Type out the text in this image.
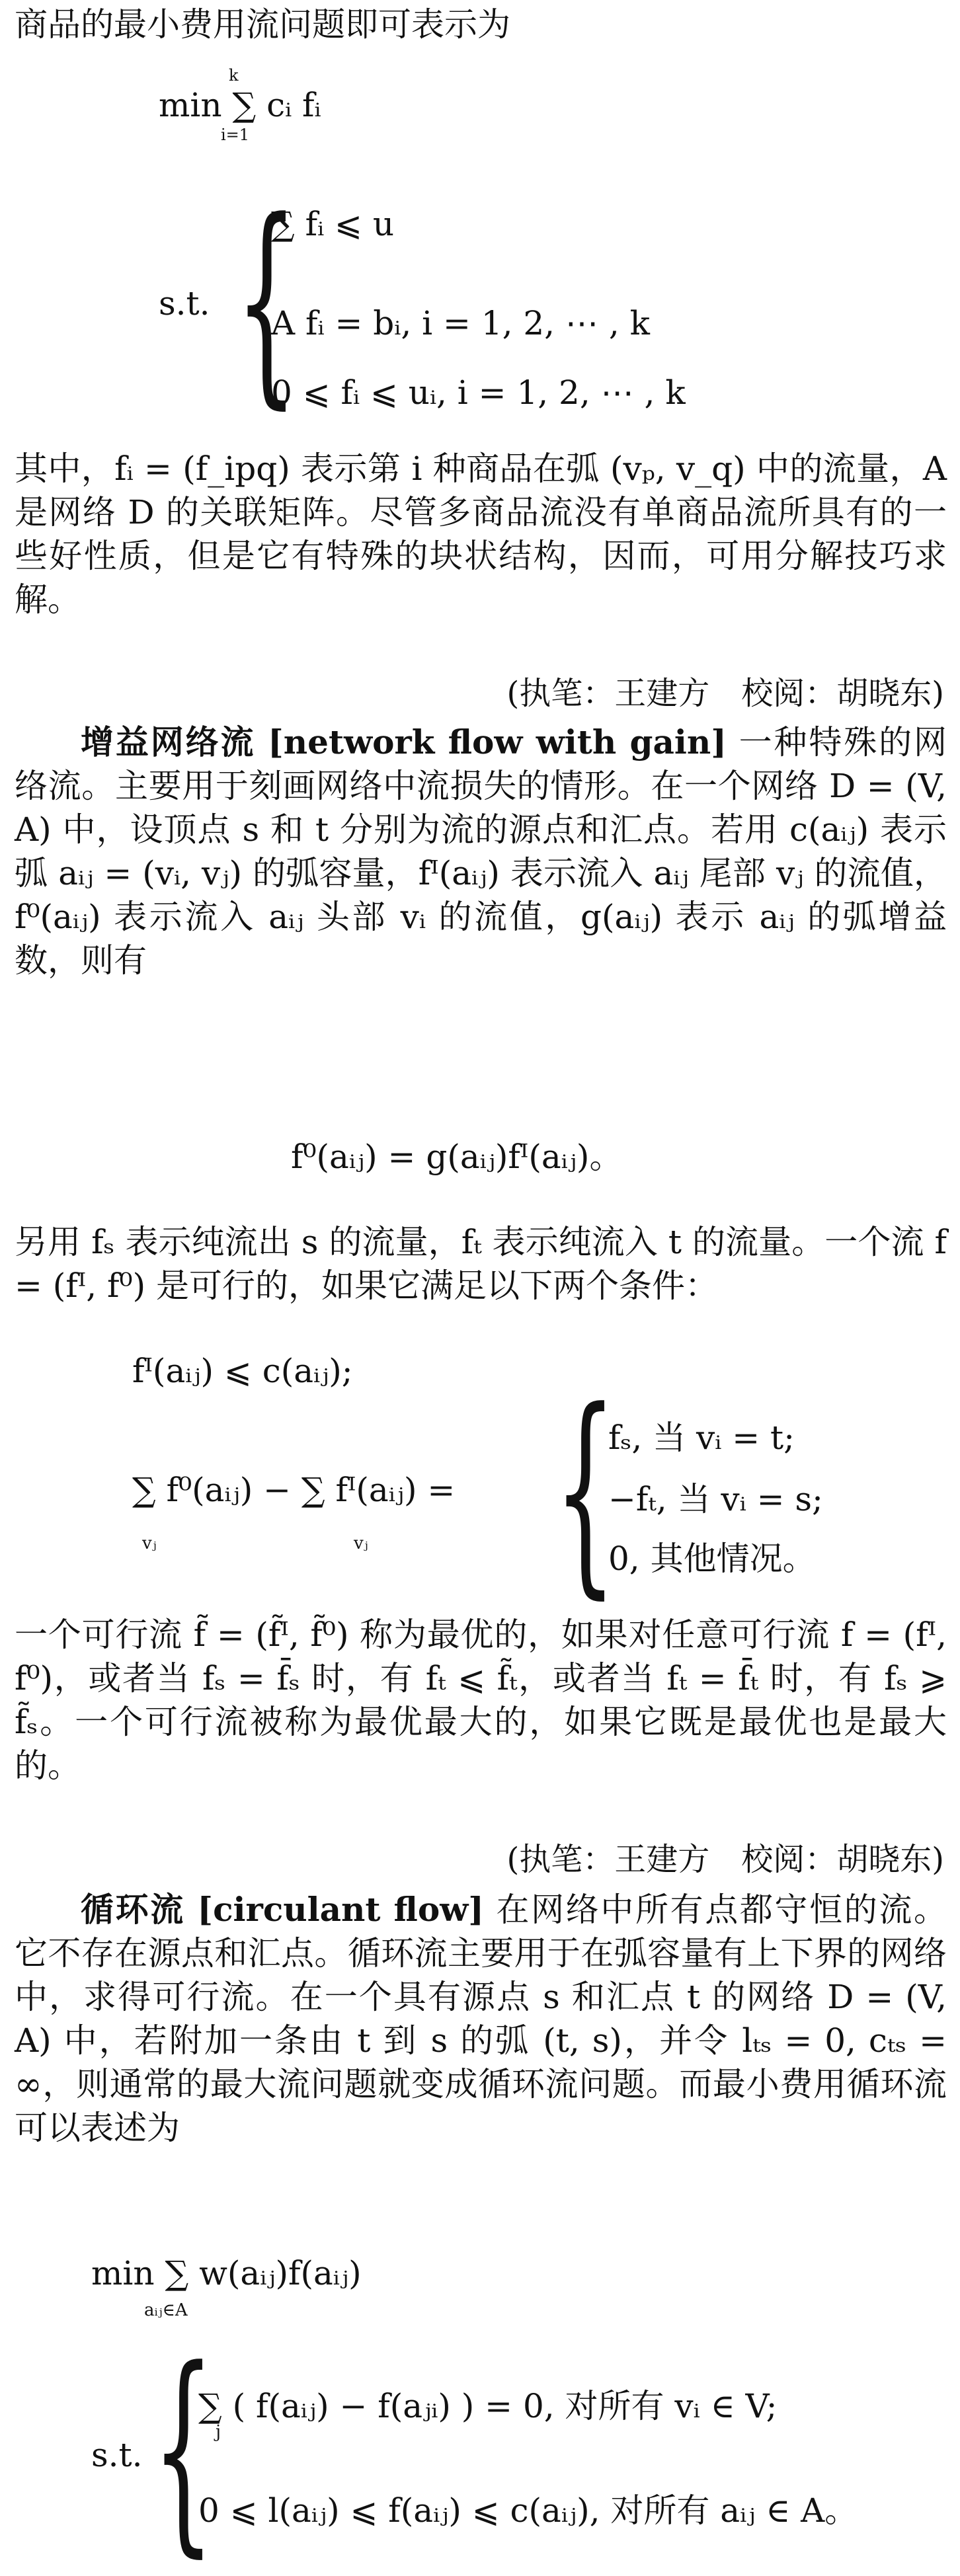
商品的最小费用流问题即可表示为
k
i=1
min ∑ cᵢ fᵢ
s.t. {
∑ fᵢ ⩽ u
A fᵢ = bᵢ, i = 1, 2, ⋯ , k
0 ⩽ fᵢ ⩽ uᵢ, i = 1, 2, ⋯ , k
其中，fᵢ = (f_ipq) 表示第 i 种商品在弧 (vₚ, v_q) 中的流量，A 是网络 D 的关联矩阵。尽管多商品流没有单商品流所具有的一些好性质，但是它有特殊的块状结构，因而，可用分解技巧求解。
(执笔：王建方　校阅：胡晓东)
增益网络流 [network flow with gain] 一种特殊的网络流。主要用于刻画网络中流损失的情形。在一个网络 D = (V, A) 中，设顶点 s 和 t 分别为流的源点和汇点。若用 c(aᵢⱼ) 表示弧 aᵢⱼ = (vᵢ, vⱼ) 的弧容量，fᴵ(aᵢⱼ) 表示流入 aᵢⱼ 尾部 vⱼ 的流值，f⁰(aᵢⱼ) 表示流入 aᵢⱼ 头部 vᵢ 的流值，g(aᵢⱼ) 表示 aᵢⱼ 的弧增益数，则有
f⁰(aᵢⱼ) = g(aᵢⱼ)fᴵ(aᵢⱼ)。
另用 fₛ 表示纯流出 s 的流量，fₜ 表示纯流入 t 的流量。一个流 f = (fᴵ, f⁰) 是可行的，如果它满足以下两个条件：
fᴵ(aᵢⱼ) ⩽ c(aᵢⱼ);
∑ f⁰(aᵢⱼ) − ∑ fᴵ(aᵢⱼ) =
vⱼ	vⱼ {
fₛ, 当 vᵢ = t;
−fₜ, 当 vᵢ = s;
0, 其他情况。
一个可行流 f̃ = (f̃ᴵ, f̃⁰) 称为最优的，如果对任意可行流 f = (fᴵ, f⁰)，或者当 fₛ = f̄ₛ 时，有 fₜ ⩽ f̃ₜ，或者当 fₜ = f̄ₜ 时，有 fₛ ⩾ f̃ₛ。一个可行流被称为最优最大的，如果它既是最优也是最大的。
(执笔：王建方　校阅：胡晓东)
循环流 [circulant flow] 在网络中所有点都守恒的流。它不存在源点和汇点。循环流主要用于在弧容量有上下界的网络中，求得可行流。在一个具有源点 s 和汇点 t 的网络 D = (V, A) 中，若附加一条由 t 到 s 的弧 (t, s)，并令 lₜₛ = 0, cₜₛ = ∞，则通常的最大流问题就变成循环流问题。而最小费用循环流可以表述为
min ∑ w(aᵢⱼ)f(aᵢⱼ)
aᵢⱼ∈A
s.t. {
∑ ( f(aᵢⱼ) − f(aⱼᵢ) ) = 0, 对所有 vᵢ ∈ V;
j
0 ⩽ l(aᵢⱼ) ⩽ f(aᵢⱼ) ⩽ c(aᵢⱼ), 对所有 aᵢⱼ ∈ A。
